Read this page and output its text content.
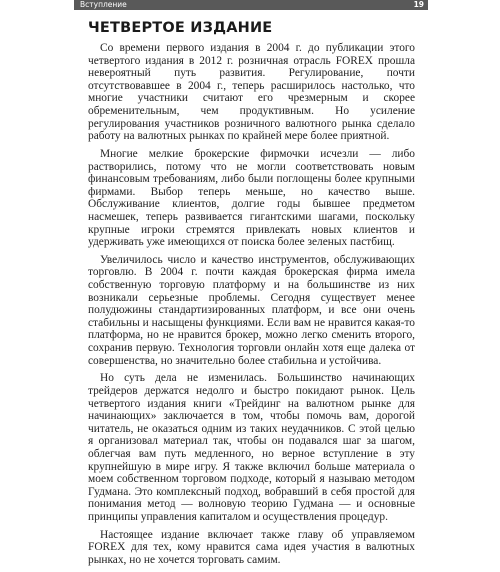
Вступление	19
ЧЕТВЕРТОЕ ИЗДАНИЕ

Со времени первого издания в 2004 г. до публикации этого четвертого издания в 2012 г. розничная отрасль FOREX прошла невероятный путь развития. Регулирование, почти отсутствовавшее в 2004 г., теперь расширилось настолько, что многие участники считают его чрезмерным и скорее обременительным, чем продуктивным. Но усиление регулирования участников розничного валютного рынка сделало работу на валютных рынках по крайней мере более приятной.

Многие мелкие брокерские фирмочки исчезли — либо растворились, потому что не могли соответствовать новым финансовым требованиям, либо были поглощены более крупными фирмами. Выбор теперь меньше, но качество выше. Обслуживание клиентов, долгие годы бывшее предметом насмешек, теперь развивается гигантскими шагами, поскольку крупные игроки стремятся привлекать новых клиентов и удерживать уже имеющихся от поиска более зеленых пастбищ.

Увеличилось число и качество инструментов, обслуживающих торговлю. В 2004 г. почти каждая брокерская фирма имела собственную торговую платформу и на большинстве из них возникали серьезные проблемы. Сегодня существует менее полудюжины стандартизированных платформ, и все они очень стабильны и насыщены функциями. Если вам не нравится какая-то платформа, но не нравится брокер, можно легко сменить второго, сохранив первую. Технология торговли онлайн хотя еще далека от совершенства, но значительно более стабильна и устойчива.

Но суть дела не изменилась. Большинство начинающих трейдеров держатся недолго и быстро покидают рынок. Цель четвертого издания книги «Трейдинг на валютном рынке для начинающих» заключается в том, чтобы помочь вам, дорогой читатель, не оказаться одним из таких неудачников. С этой целью я организовал материал так, чтобы он подавался шаг за шагом, облегчая вам путь медленного, но верное вступление в эту крупнейшую в мире игру. Я также включил больше материала о моем собственном торговом подходе, который я называю методом Гудмана. Это комплексный подход, вобравший в себя простой для понимания метод — волновую теорию Гудмана — и основные принципы управления капиталом и осуществления процедур.

Настоящее издание включает также главу об управляемом FOREX для тех, кому нравится сама идея участия в валютных рынках, но не хочется торговать самим.
